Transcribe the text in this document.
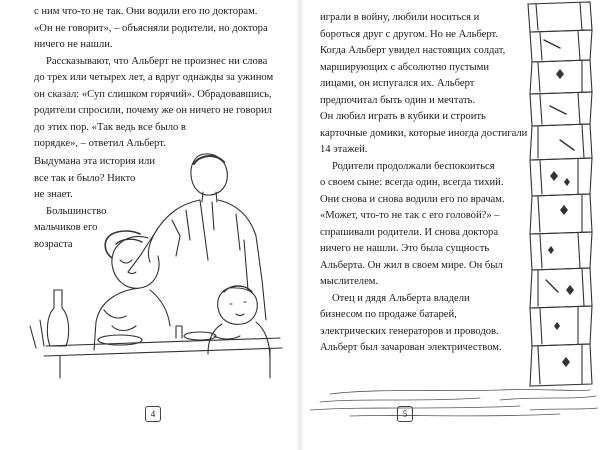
с ним что-то не так. Они водили его по докторам.
«Он не говорит», – объясняли родители, но доктора
ничего не нашли.
Рассказывают, что Альберт не произнес ни слова
до трех или четырех лет, а вдруг однажды за ужином
он сказал: «Суп слишком горячий». Обрадовавшись,
родители спросили, почему же он ничего не говорил
до этих пор. «Так ведь все было в
порядке», – ответил Альберт.
Выдумана эта история или
все так и было? Никто
не знает.
Большинство
мальчиков его
возраста
4
играли в войну, любили носиться и
бороться друг с другом. Но не Альберт.
Когда Альберт увидел настоящих солдат,
марширующих с абсолютно пустыми
лицами, он испугался их. Альберт
предпочитал быть один и мечтать.
Он любил играть в кубики и строить
карточные домики, которые иногда достигали
14 этажей.
Родители продолжали беспокоиться
о своем сыне: всегда один, всегда тихий.
Они снова и снова водили его по врачам.
«Может, что-то не так с его головой?» –
спрашивали родители. И снова доктора
ничего не нашли. Это была сущность
Альберта. Он жил в своем мире. Он был
мыслителем.
Отец и дядя Альберта владели
бизнесом по продаже батарей,
электрических генераторов и проводов.
Альберт был зачарован электричеством.
5
